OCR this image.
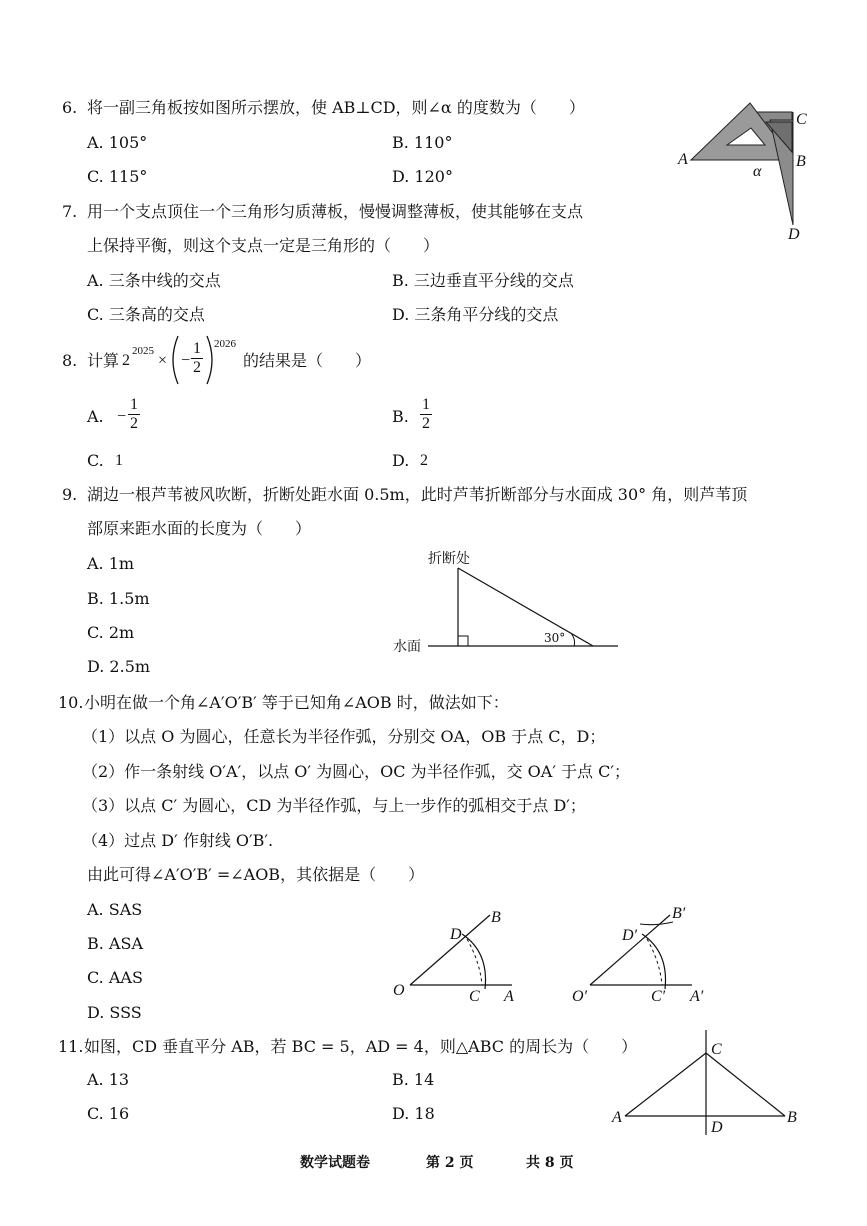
6. 将一副三角板按如图所示摆放，使 AB⊥CD，则∠α 的度数为（　　）
A. 105°	B. 110°
C. 115°	D. 120°
A	B
C
D
α
7. 用一个支点顶住一个三角形匀质薄板，慢慢调整薄板，使其能够在支点
上保持平衡，则这个支点一定是三角形的（　　）
A. 三条中线的交点	B. 三边垂直平分线的交点
C. 三条高的交点	D. 三条角平分线的交点
8. 计算 2
2025
× − $\frac{1}{2} 2026$
的结果是（　　）
A. − $\frac{1}{2}$	B. $\frac{1}{2}$
C. 1	D. 2
9. 湖边一根芦苇被风吹断，折断处距水面 0.5m，此时芦苇折断部分与水面成 30° 角，则芦苇顶
部原来距水面的长度为（　　）
A. 1m
B. 1.5m
C. 2m
D. 2.5m
折断处
水面
30°
10. 小明在做一个角∠A′O′B′ 等于已知角∠AOB 时，做法如下：
（1）以点 O 为圆心，任意长为半径作弧，分别交 OA，OB 于点 C，D；
（2）作一条射线 O′A′，以点 O′ 为圆心，OC 为半径作弧，交 OA′ 于点 C′；
（3）以点 C′ 为圆心，CD 为半径作弧，与上一步作的弧相交于点 D′；
（4）过点 D′ 作射线 O′B′.
由此可得∠A′O′B′ =∠AOB，其依据是（　　）
A. SAS
B. ASA
C. AAS
D. SSS
O	C A
D
B
O′	C′ A′
D′
B′
11. 如图，CD 垂直平分 AB，若 BC = 5，AD = 4，则△ABC 的周长为（　　）
A. 13	B. 14
C. 16	D. 18	A	B
C
D
数学试题卷	第 2 页	共 8 页
